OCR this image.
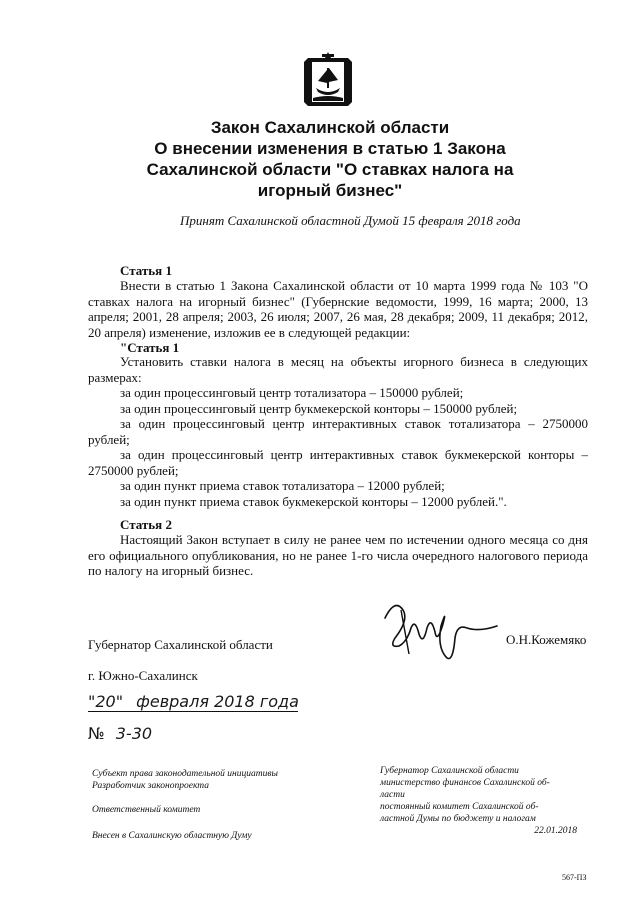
Закон Сахалинской области
О внесении изменения в статью 1 Закона
Сахалинской области "О ставках налога на
игорный бизнес"
Принят Сахалинской областной Думой 15 февраля 2018 года
Статья 1
Внести в статью 1 Закона Сахалинской области от 10 марта 1999 года № 103 "О ставках налога на игорный бизнес" (Губернские ведомости, 1999, 16 марта; 2000, 13 апреля; 2001, 28 апреля; 2003, 26 июля; 2007, 26 мая, 28 декабря; 2009, 11 декабря; 2012, 20 апреля) изменение, изложив ее в следующей редакции:
"Статья 1
Установить ставки налога в месяц на объекты игорного бизнеса в следующих размерах:
за один процессинговый центр тотализатора – 150000 рублей;
за один процессинговый центр букмекерской конторы – 150000 рублей;
за один процессинговый центр интерактивных ставок тотализатора – 2750000 рублей;
за один процессинговый центр интерактивных ставок букмекерской конторы – 2750000 рублей;
за один пункт приема ставок тотализатора – 12000 рублей;
за один пункт приема ставок букмекерской конторы – 12000 рублей.".
Статья 2
Настоящий Закон вступает в силу не ранее чем по истечении одного месяца со дня его официального опубликования, но не ранее 1-го числа очередного налогового периода по налогу на игорный бизнес.
Губернатор Сахалинской области	О.Н.Кожемяко
г. Южно-Сахалинск
"20" февраля 2018 года
№ 3-30
Субъект права законодательной инициативы
Разработчик законопроекта
Ответственный комитет
Внесен в Сахалинскую областную Думу
Губернатор Сахалинской области
министерство финансов Сахалинской об-
ласти
постоянный комитет Сахалинской об-
ластной Думы по бюджету и налогам
22.01.2018
567-ПЗ
